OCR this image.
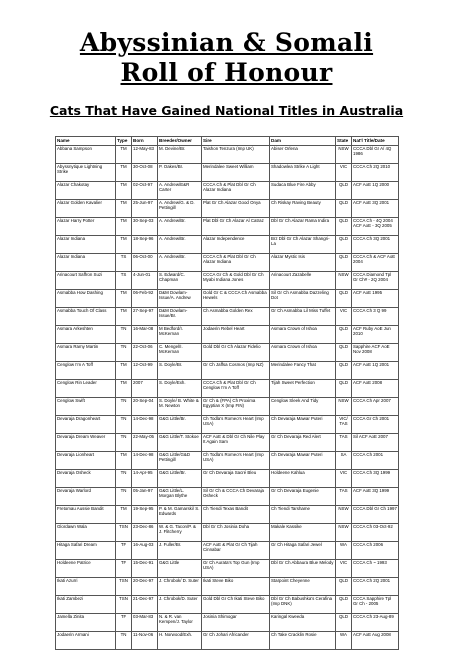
Abyssinian & Somali
Roll of Honour
Cats That Have Gained National Titles in Australia
Name	Type	Born	Breeder/Owner	Sire	Dam	State	Nat'l Title/Date
Abbana Sampson	TM	12-May-83	M. Devine/Br.	Taishon Tenzura (Imp UK)	Abiser Orlena	NSW	CCCA Dbl Gr A/ 4Q 1986
Abyssnytique Lightning Strike	TM	30-Oct-08	P. Oakes/Br.	Merindalee Sweet William	Shadowlea Strike A Light	VIC	CCCA Ch 2Q 2010
Alazar Chakotay	TM	02-Oct-97	A. Andrew/E&R Carter	CCCA Ch & Plat Dbl Gr Ch Alazar Indiana	Sudaca Blue Fire Abby	QLD	ACF AoE 1Q 2000
Alazar Golden Kavalier	TM	25-Jun-97	A. Andrew/G. & D. Pettingill	Plat Gr Ch Alazar Good Onya	Ch Riskay Raving Beauty	QLD	ACF AoE 3Q 2001
Alazar Harry Potter	TM	30-Sep-03	A. Andrew/Br.	Plat Dbl Gr Ch Alazar Al Catraz	Dbl Gr Ch Alazar Rama Indira	QLD	CCCA Ch - 4Q 2004 ACF AoE - 3Q 2005
Alazar Indiana	TM	18-Sep-96	A. Andrew/Br.	Alazar Independence	Brz Dbl Gr Ch Alazar Shangri-La	QLD	CCCA Ch 3Q 2001
Alazar Indiana	TS	06-Oct-00	A. Andrew/Br.	CCCA Ch & Plat Dbl Gr Ch Alazar Indiana	Alazar Mystic Isis	QLD	CCCA Ch & ACF AoE 2004
Arinacourt Saffron Suzi	TS	4-Jun-01	S. Edward/C. Chapman	CCCA Gr Ch & Gold Dbl Gr Ch Myabi Indiana Jones	Arinacourt Zazabelle	NSW	CCCA Diamond Tpl Gr Ch# - 2Q 2004
Asmabba How Dashing	TM	06-Feb-92	D&M Dowlam-Issue/A. Andrew	Gold Gr C & CCCA Ch Asmabba Hewels	Sil Gr Ch Asmabba Dazzeling Dot	QLD	ACF AoE 1995
Asmabba Touch Of Class	TM	27-Sep-97	D&M Dowlam-Issue/Br.	Ch Asmabba Golden Rex	Gr Ch Asmabba Lil Miss Tuffet	VIC	CCCA Ch 3 Q 99
Asmara Arkeshten	TN	16-Mar-08	M Bedford/I. McKernan	Jodaerin Rebel Heart	Asmara Crown of Ishoa	QLD	ACF Ruby AoE Jun 2010
Asmara Ramy Martin	TN	22-Oct-06	C. Mengel/I. McKernan	Gold Dbl Gr Ch Alazar Fidelio	Asmara Crown of Ishoa	QLD	Sapphire ACF AoE Nov 2008
Cenglow I'm A Toff	TM	12-Oct-99	S. Doyle/Br.	Gr Ch Jaffsa Cosmos (Imp NZ)	Merindalee Fancy That	QLD	ACF AoE 1Q 2001
Cenglow Rin Leader	TM	2007	S. Doyle/Exh.	CCCA Ch & Plat Dbl Gr Ch Cenglow I'm A Toff	Tijah Sweet Perfection	QLD	ACF AoE 2008
Cenglow Swift	TN	20-Sep-04	S. Doyle/ B. White & M. Newton	Gr Ch & (FPA) Ch Proxima Egyptian X (Imp FIN)	Cenglow Sleek And Tidy	NSW	CCCA Ch Apr 2007
Devaraja Dragonheart	TN	14-Dec-98	G&G Little/Br.	Ch Todla's Romeo's Heart (Imp USA)	Ch Devaraja Mawar Puteri	VIC/ TAS	CCCA Gr Ch 2001
Devaraja Dream Weaver	TN	22-May-05	G&G Little/T. Stokoe	ACF AoE & Dbl Gr Ch Nile Play It Again Sam	Gr Ch Devaraja Red Alert	TAS	Sil ACF AoE 2007
Devaraja Lionheart	TM	14-Dec-98	G&G Little/G&D Pettingill	Ch Todla's Romeo's Heart (Imp USA)	Ch Devaraja Mawar Puteri	SA	CCCA Ch 2001
Devaraja Osheck	TN	14-Apr-95	G&G Little/Br.	Gr Ch Devaraja Sacré Bleu	Holdeene Kahlua	VIC	CCCA Ch 3Q 1999
Devaraja Warlord	TN	05-Jan-97	G&G Little/L. Morgan Blythe	Sil Gr Ch & CCCA Ch Devaraja Osheck	Gr Ch Devaraja Eugenie	TAS	ACF AoE 3Q 1999
Fretomau Aussie Bandit	TM	19-Sep-95	P. & M. Gamarski/ S. Edwards	Ch Tiendi Texas Bandit	Ch Tiendi Tarshame	NSW	CCCA Dbl Gr Ch 1997
Glordawn Wala	TSN	23-Dec-86	W. & G. Tacon/P. & J. Flitcherry	Dbl Gr Ch Josinia Doha	Makale Kassike	NSW	CCCA Ch 03-Oct-92
Hitaga Safari Dream	TF	16-Aug-03	J. Fuller/Br.	ACF AoE & Plat Gr Ch Tijah Cinnabar	Gr Ch Hitaga Safari Jewel	WA	CCCA Ch 2006
Holdeene Patrice	TF	15-Dec-91	G&G Little	Gr Ch Aurata's Top Gun (Imp USA)	Dbl Gr Ch Abbaura Blue Melody	VIC	CCCA Ch ~ 1993
Ikati Azurri	TSN	20-Dec-97	J. Chrobok/ D. Suter	Ikati Steve Biko	Starpoint Cheyenne	QLD	CCCA Ch 2Q 2001
Ikati Zambezi	TSN	21-Dec-97	J. Chrobok/D. Suter	Gold Dbl Gr Ch Ikati Steve Biko	Dbl Gr Ch Babushka's Cerafina (Imp DNK)	QLD	CCCA Sapphire Tpl Gr Ch - 2005
Jamella Zinita	TF	03-Mar-83	N. & R. van Kempen/J. Taylor	Josinia Shimogar	Karingal Kweeda	QLD	CCCA Ch 23-Aug-89
Jodaerin Armani	TN	11-Nov-06	H. Norwood/Exh.	Gr Ch Johari Africander	Ch Take Cracklin Rosie	WA	ACF AoE Aug 2008
